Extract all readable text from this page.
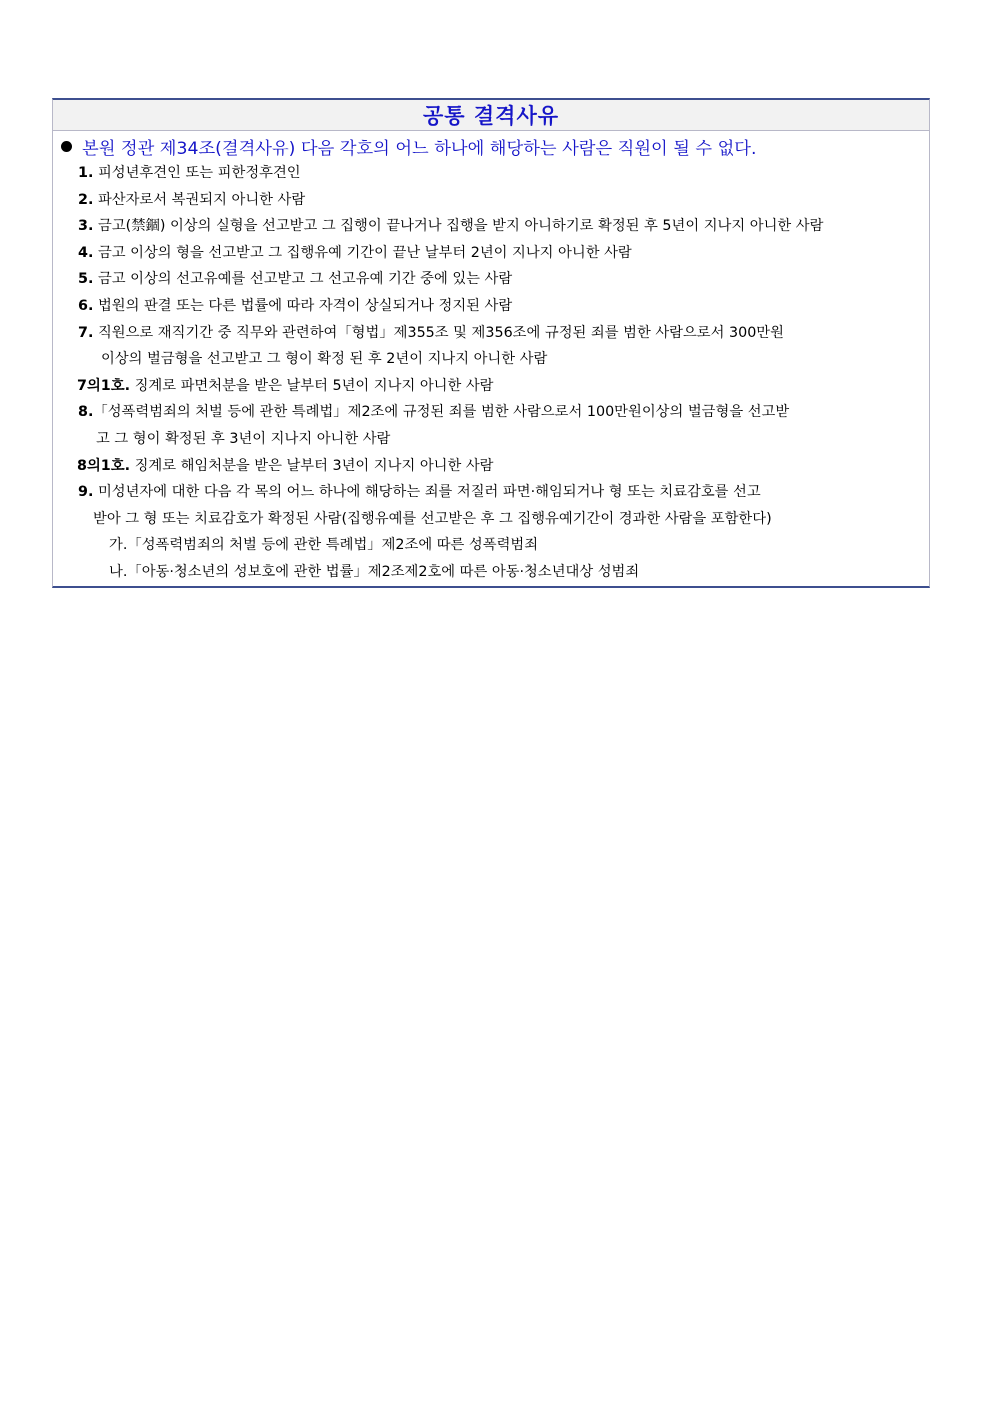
공통 결격사유
본원 정관 제34조(결격사유) 다음 각호의 어느 하나에 해당하는 사람은 직원이 될 수 없다.
1. 피성년후견인 또는 피한정후견인
2. 파산자로서 복권되지 아니한 사람
3. 금고(禁錮) 이상의 실형을 선고받고 그 집행이 끝나거나 집행을 받지 아니하기로 확정된 후 5년이 지나지 아니한 사람
4. 금고 이상의 형을 선고받고 그 집행유예 기간이 끝난 날부터 2년이 지나지 아니한 사람
5. 금고 이상의 선고유예를 선고받고 그 선고유예 기간 중에 있는 사람
6. 법원의 판결 또는 다른 법률에 따라 자격이 상실되거나 정지된 사람
7. 직원으로 재직기간 중 직무와 관련하여「형법」제355조 및 제356조에 규정된 죄를 범한 사람으로서 300만원
이상의 벌금형을 선고받고 그 형이 확정 된 후 2년이 지나지 아니한 사람
7의1호. 징계로 파면처분을 받은 날부터 5년이 지나지 아니한 사람
8.「성폭력범죄의 처벌 등에 관한 특례법」제2조에 규정된 죄를 범한 사람으로서 100만원이상의 벌금형을 선고받
고 그 형이 확정된 후 3년이 지나지 아니한 사람
8의1호. 징계로 해임처분을 받은 날부터 3년이 지나지 아니한 사람
9. 미성년자에 대한 다음 각 목의 어느 하나에 해당하는 죄를 저질러 파면·해임되거나 형 또는 치료감호를 선고
받아 그 형 또는 치료감호가 확정된 사람(집행유예를 선고받은 후 그 집행유예기간이 경과한 사람을 포함한다)
가.「성폭력범죄의 처벌 등에 관한 특례법」제2조에 따른 성폭력범죄
나.「아동·청소년의 성보호에 관한 법률」제2조제2호에 따른 아동·청소년대상 성범죄
